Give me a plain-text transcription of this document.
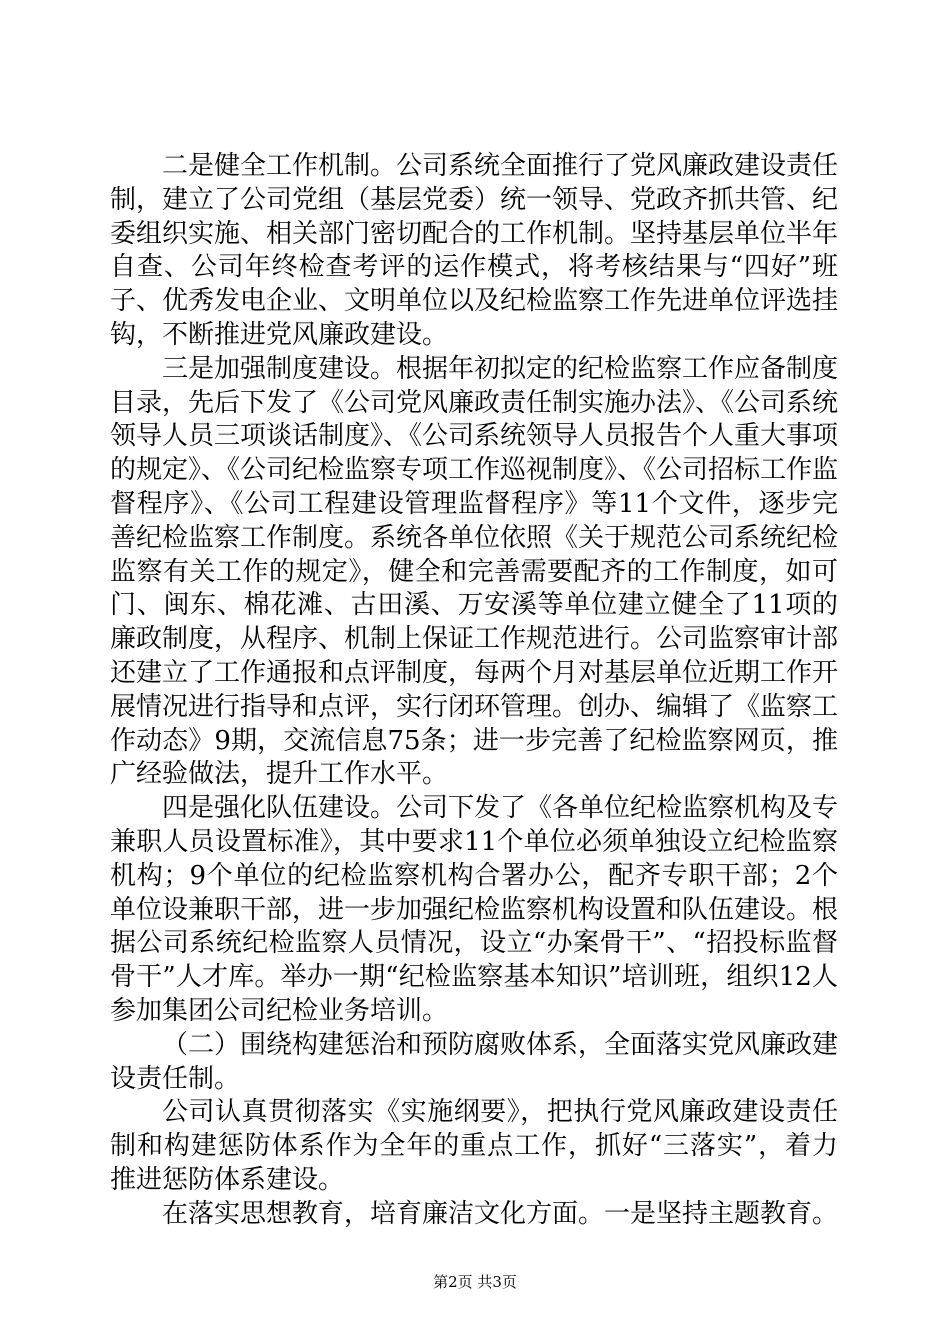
二是健全工作机制。公司系统全面推行了党风廉政建设责任制，建立了公司党组（基层党委）统一领导、党政齐抓共管、纪委组织实施、相关部门密切配合的工作机制。坚持基层单位半年自查、公司年终检查考评的运作模式，将考核结果与“四好”班子、优秀发电企业、文明单位以及纪检监察工作先进单位评选挂钩，不断推进党风廉政建设。

三是加强制度建设。根据年初拟定的纪检监察工作应备制度目录，先后下发了《公司党风廉政责任制实施办法》、《公司系统领导人员三项谈话制度》、《公司系统领导人员报告个人重大事项的规定》、《公司纪检监察专项工作巡视制度》、《公司招标工作监督程序》、《公司工程建设管理监督程序》等11个文件，逐步完善纪检监察工作制度。系统各单位依照《关于规范公司系统纪检监察有关工作的规定》，健全和完善需要配齐的工作制度，如可门、闽东、棉花滩、古田溪、万安溪等单位建立健全了11项的廉政制度，从程序、机制上保证工作规范进行。公司监察审计部还建立了工作通报和点评制度，每两个月对基层单位近期工作开展情况进行指导和点评，实行闭环管理。创办、编辑了《监察工作动态》9期，交流信息75条；进一步完善了纪检监察网页，推广经验做法，提升工作水平。

四是强化队伍建设。公司下发了《各单位纪检监察机构及专兼职人员设置标准》，其中要求11个单位必须单独设立纪检监察机构；9个单位的纪检监察机构合署办公，配齐专职干部；2个单位设兼职干部，进一步加强纪检监察机构设置和队伍建设。根据公司系统纪检监察人员情况，设立“办案骨干”、“招投标监督骨干”人才库。举办一期“纪检监察基本知识”培训班，组织12人参加集团公司纪检业务培训。

（二）围绕构建惩治和预防腐败体系，全面落实党风廉政建设责任制。

公司认真贯彻落实《实施纲要》，把执行党风廉政建设责任制和构建惩防体系作为全年的重点工作，抓好“三落实”，着力推进惩防体系建设。

在落实思想教育，培育廉洁文化方面。一是坚持主题教育。

第2页 共3页
